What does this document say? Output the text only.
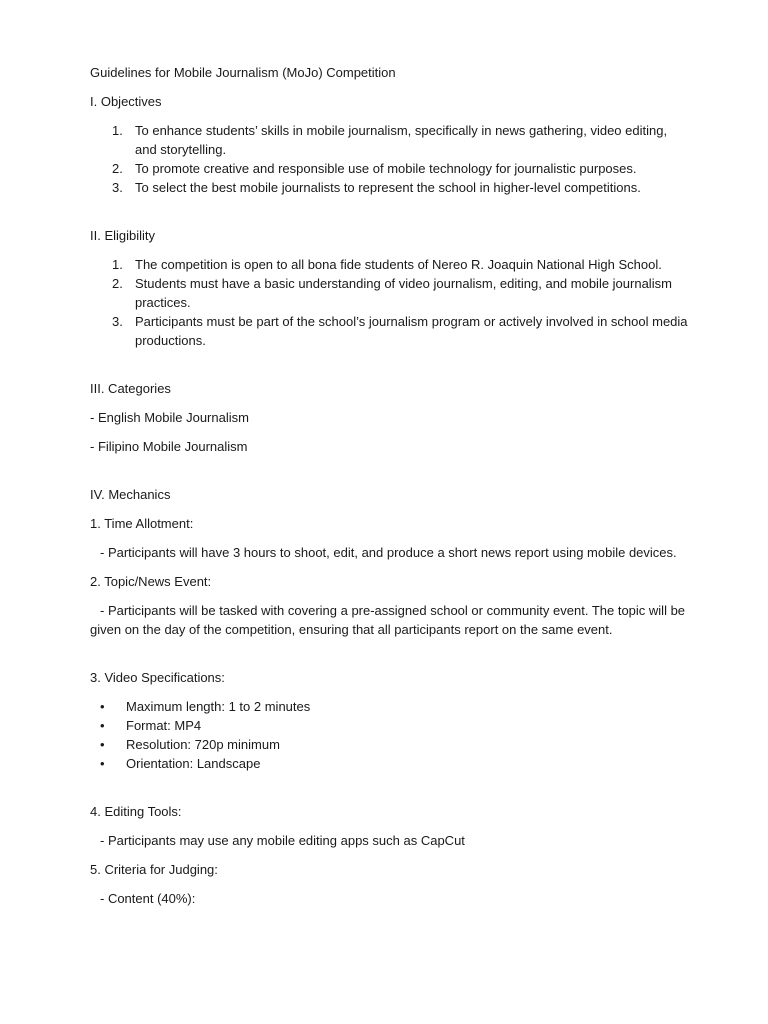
Guidelines for Mobile Journalism (MoJo) Competition

I. Objectives

1. To enhance students’ skills in mobile journalism, specifically in news gathering, video editing, and storytelling.
2. To promote creative and responsible use of mobile technology for journalistic purposes.
3. To select the best mobile journalists to represent the school in higher-level competitions.

II. Eligibility

1. The competition is open to all bona fide students of Nereo R. Joaquin National High School.
2. Students must have a basic understanding of video journalism, editing, and mobile journalism practices.
3. Participants must be part of the school’s journalism program or actively involved in school media productions.

III. Categories

- English Mobile Journalism

- Filipino Mobile Journalism

IV. Mechanics

1. Time Allotment:

- Participants will have 3 hours to shoot, edit, and produce a short news report using mobile devices.

2. Topic/News Event:

- Participants will be tasked with covering a pre-assigned school or community event. The topic will be given on the day of the competition, ensuring that all participants report on the same event.

3. Video Specifications:

• Maximum length: 1 to 2 minutes
• Format: MP4
• Resolution: 720p minimum
• Orientation: Landscape

4. Editing Tools:

- Participants may use any mobile editing apps such as CapCut

5. Criteria for Judging:

- Content (40%):
